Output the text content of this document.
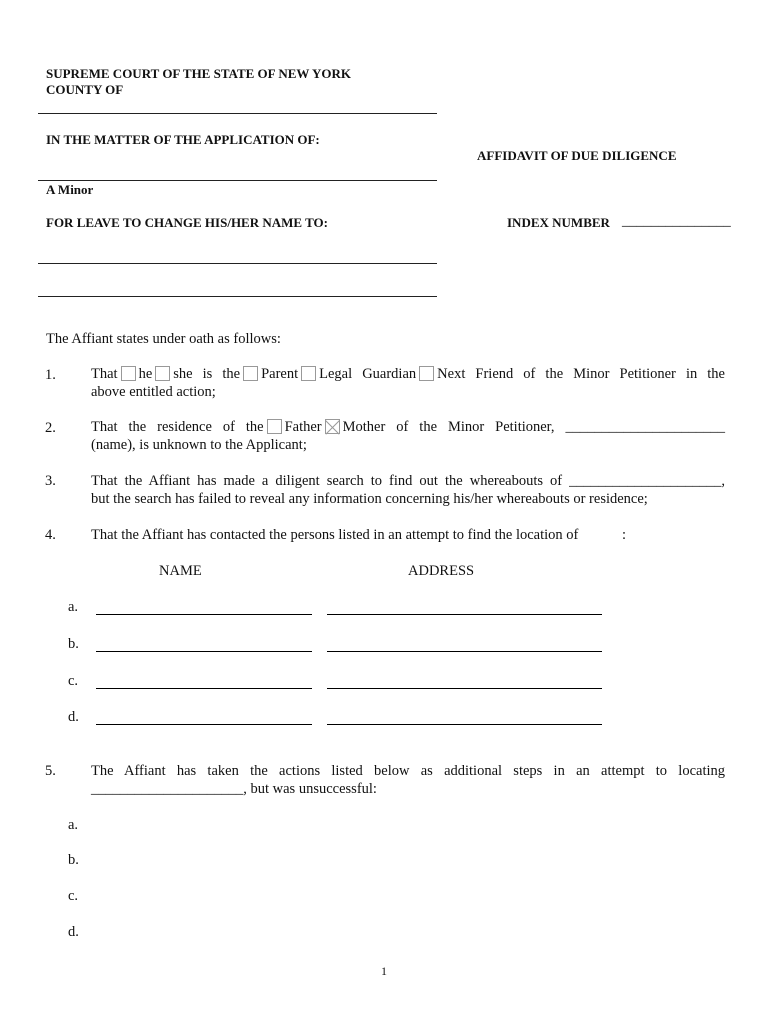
SUPREME COURT OF THE STATE OF NEW YORK
COUNTY OF
IN THE MATTER OF THE APPLICATION OF:
AFFIDAVIT OF DUE DILIGENCE
A Minor
FOR LEAVE TO CHANGE HIS/HER NAME TO:	INDEX NUMBER _______________
The Affiant states under oath as follows:
1. That he she is the Parent Legal Guardian Next Friend of the Minor Petitioner in the
above entitled action;
2. That the residence of the Father Mother of the Minor Petitioner, ______________________
(name), is unknown to the Applicant;
3. That the Affiant has made a diligent search to find out the whereabouts of _____________________,
but the search has failed to reveal any information concerning his/her whereabouts or residence;
4. That the Affiant has contacted the persons listed in an attempt to find the location of	:
NAME	ADDRESS
a.
b.
c.
d.
5. The Affiant has taken the actions listed below as additional steps in an attempt to locating
_____________________, but was unsuccessful:
a.
b.
c.
d.
1
